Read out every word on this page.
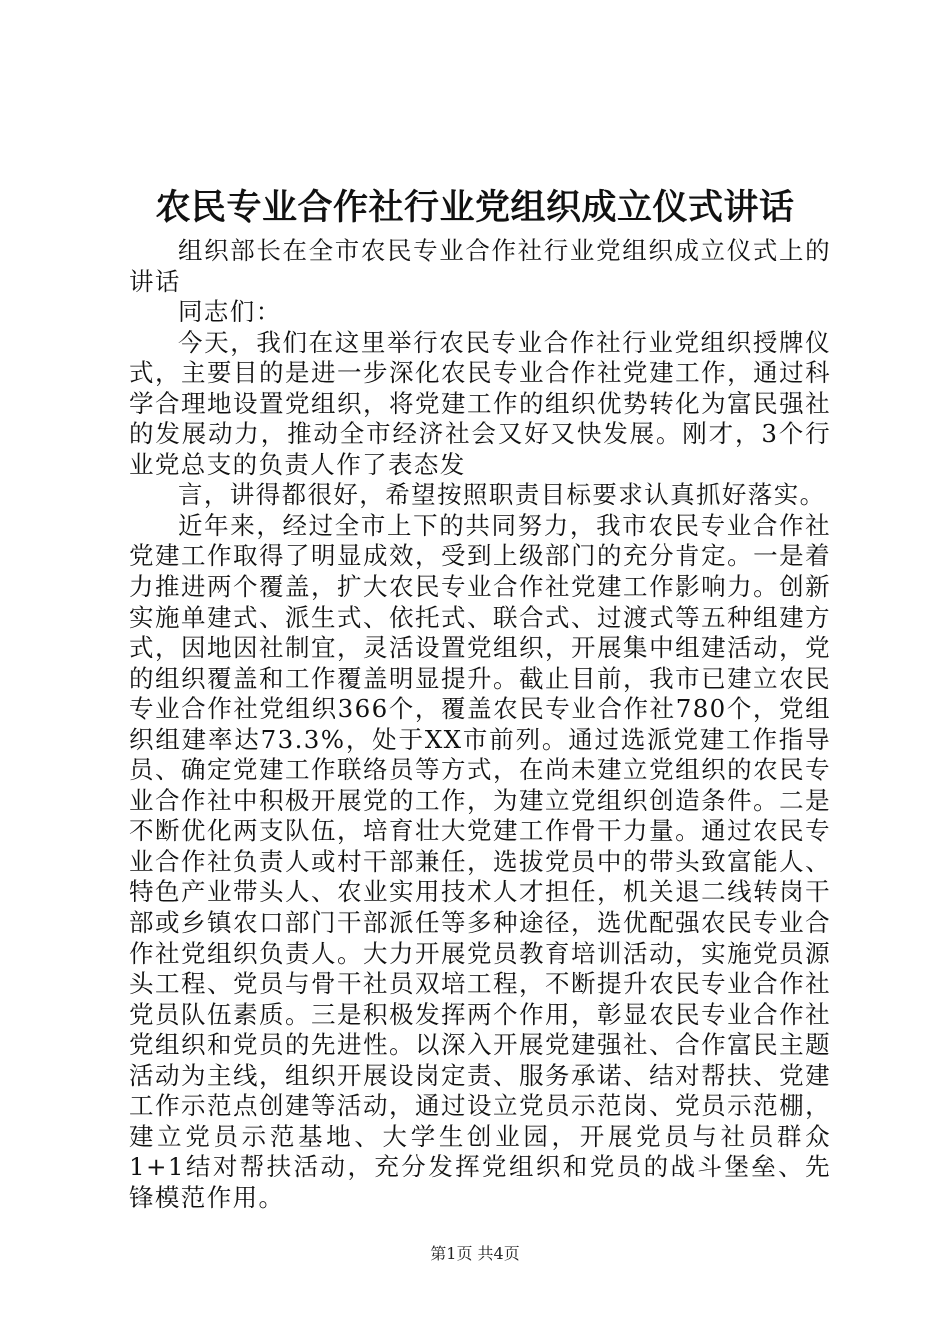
农民专业合作社行业党组织成立仪式讲话

组织部长在全市农民专业合作社行业党组织成立仪式上的讲话

同志们：

今天，我们在这里举行农民专业合作社行业党组织授牌仪式，主要目的是进一步深化农民专业合作社党建工作，通过科学合理地设置党组织，将党建工作的组织优势转化为富民强社的发展动力，推动全市经济社会又好又快发展。刚才，3个行业党总支的负责人作了表态发

言，讲得都很好，希望按照职责目标要求认真抓好落实。

近年来，经过全市上下的共同努力，我市农民专业合作社党建工作取得了明显成效，受到上级部门的充分肯定。一是着力推进两个覆盖，扩大农民专业合作社党建工作影响力。创新实施单建式、派生式、依托式、联合式、过渡式等五种组建方式，因地因社制宜，灵活设置党组织，开展集中组建活动，党的组织覆盖和工作覆盖明显提升。截止目前，我市已建立农民专业合作社党组织366个，覆盖农民专业合作社780个，党组织组建率达73.3%，处于XX市前列。通过选派党建工作指导员、确定党建工作联络员等方式，在尚未建立党组织的农民专业合作社中积极开展党的工作，为建立党组织创造条件。二是不断优化两支队伍，培育壮大党建工作骨干力量。通过农民专业合作社负责人或村干部兼任，选拔党员中的带头致富能人、特色产业带头人、农业实用技术人才担任，机关退二线转岗干部或乡镇农口部门干部派任等多种途径，选优配强农民专业合作社党组织负责人。大力开展党员教育培训活动，实施党员源头工程、党员与骨干社员双培工程，不断提升农民专业合作社党员队伍素质。三是积极发挥两个作用，彰显农民专业合作社党组织和党员的先进性。以深入开展党建强社、合作富民主题活动为主线，组织开展设岗定责、服务承诺、结对帮扶、党建工作示范点创建等活动，通过设立党员示范岗、党员示范棚，建立党员示范基地、大学生创业园，开展党员与社员群众1+1结对帮扶活动，充分发挥党组织和党员的战斗堡垒、先锋模范作用。

第1页 共4页
